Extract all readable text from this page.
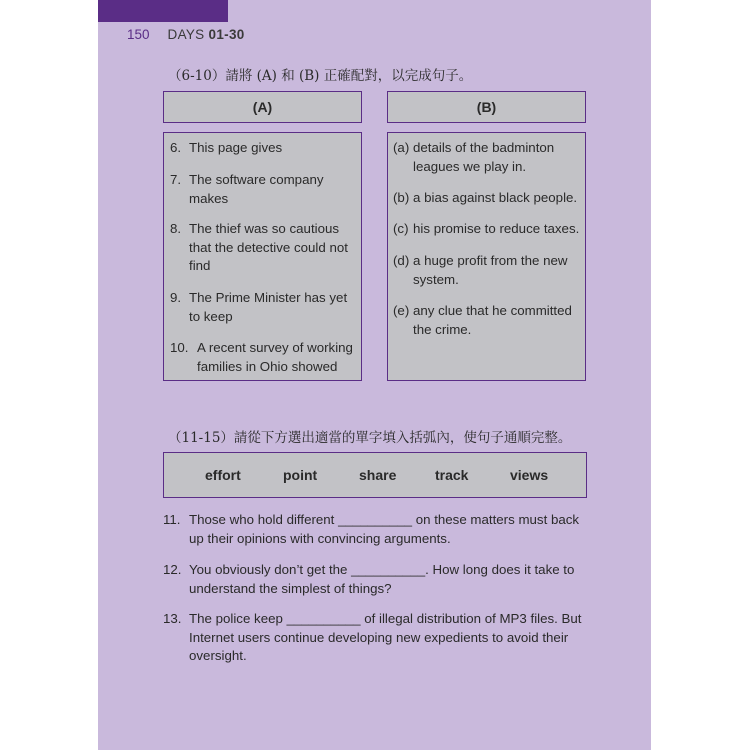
150 DAYS 01-30
（6-10）請將 (A) 和 (B) 正確配對，以完成句子。
(A)	(B)
6. This page gives
7. The software company makes
8. The thief was so cautious that the detective could not find
9. The Prime Minister has yet to keep
10. A recent survey of working families in Ohio showed
(a) details of the badminton leagues we play in.
(b) a bias against black people.
(c) his promise to reduce taxes.
(d) a huge profit from the new system.
(e) any clue that he committed the crime.
（11-15）請從下方選出適當的單字填入括弧內，使句子通順完整。
effort	point	share	track	views
11. Those who hold different __________ on these matters must back up their opinions with convincing arguments.
12. You obviously don’t get the __________. How long does it take to understand the simplest of things?
13. The police keep __________ of illegal distribution of MP3 files. But Internet users continue developing new expedients to avoid their oversight.
